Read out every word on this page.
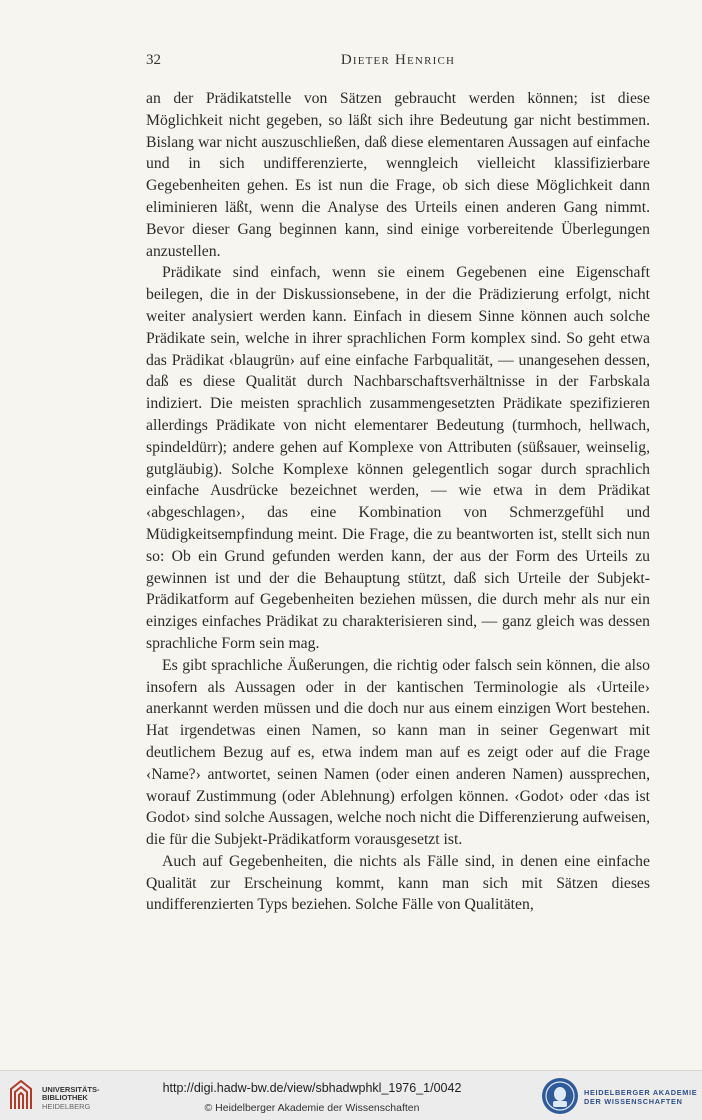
32	Dieter Henrich

an der Prädikatstelle von Sätzen gebraucht werden können; ist diese Möglichkeit nicht gegeben, so läßt sich ihre Bedeutung gar nicht bestimmen. Bislang war nicht auszuschließen, daß diese elementaren Aussagen auf einfache und in sich undifferenzierte, wenngleich vielleicht klassifizierbare Gegebenheiten gehen. Es ist nun die Frage, ob sich diese Möglichkeit dann eliminieren läßt, wenn die Analyse des Urteils einen anderen Gang nimmt. Bevor dieser Gang beginnen kann, sind einige vorbereitende Überlegungen anzustellen.

Prädikate sind einfach, wenn sie einem Gegebenen eine Eigenschaft beilegen, die in der Diskussionsebene, in der die Prädizierung erfolgt, nicht weiter analysiert werden kann. Einfach in diesem Sinne können auch solche Prädikate sein, welche in ihrer sprachlichen Form komplex sind. So geht etwa das Prädikat ‹blaugrün› auf eine einfache Farbqualität, — unangesehen dessen, daß es diese Qualität durch Nachbarschaftsverhältnisse in der Farbskala indiziert. Die meisten sprachlich zusammengesetzten Prädikate spezifizieren allerdings Prädikate von nicht elementarer Bedeutung (turmhoch, hellwach, spindeldürr); andere gehen auf Komplexe von Attributen (süßsauer, weinselig, gutgläubig). Solche Komplexe können gelegentlich sogar durch sprachlich einfache Ausdrücke bezeichnet werden, — wie etwa in dem Prädikat ‹abgeschlagen›, das eine Kombination von Schmerzgefühl und Müdigkeitsempfindung meint. Die Frage, die zu beantworten ist, stellt sich nun so: Ob ein Grund gefunden werden kann, der aus der Form des Urteils zu gewinnen ist und der die Behauptung stützt, daß sich Urteile der Subjekt-Prädikatform auf Gegebenheiten beziehen müssen, die durch mehr als nur ein einziges einfaches Prädikat zu charakterisieren sind, — ganz gleich was dessen sprachliche Form sein mag.

Es gibt sprachliche Äußerungen, die richtig oder falsch sein können, die also insofern als Aussagen oder in der kantischen Terminologie als ‹Urteile› anerkannt werden müssen und die doch nur aus einem einzigen Wort bestehen. Hat irgendetwas einen Namen, so kann man in seiner Gegenwart mit deutlichem Bezug auf es, etwa indem man auf es zeigt oder auf die Frage ‹Name?› antwortet, seinen Namen (oder einen anderen Namen) aussprechen, worauf Zustimmung (oder Ablehnung) erfolgen können. ‹Godot› oder ‹das ist Godot› sind solche Aussagen, welche noch nicht die Differenzierung aufweisen, die für die Subjekt-Prädikatform vorausgesetzt ist.

Auch auf Gegebenheiten, die nichts als Fälle sind, in denen eine einfache Qualität zur Erscheinung kommt, kann man sich mit Sätzen dieses undifferenzierten Typs beziehen. Solche Fälle von Qualitäten,

UNIVERSITÄTS-
BIBLIOTHEK
HEIDELBERG
http://digi.hadw-bw.de/view/sbhadwphkl_1976_1/0042
© Heidelberger Akademie der Wissenschaften
HEIDELBERGER AKADEMIE
DER WISSENSCHAFTEN
